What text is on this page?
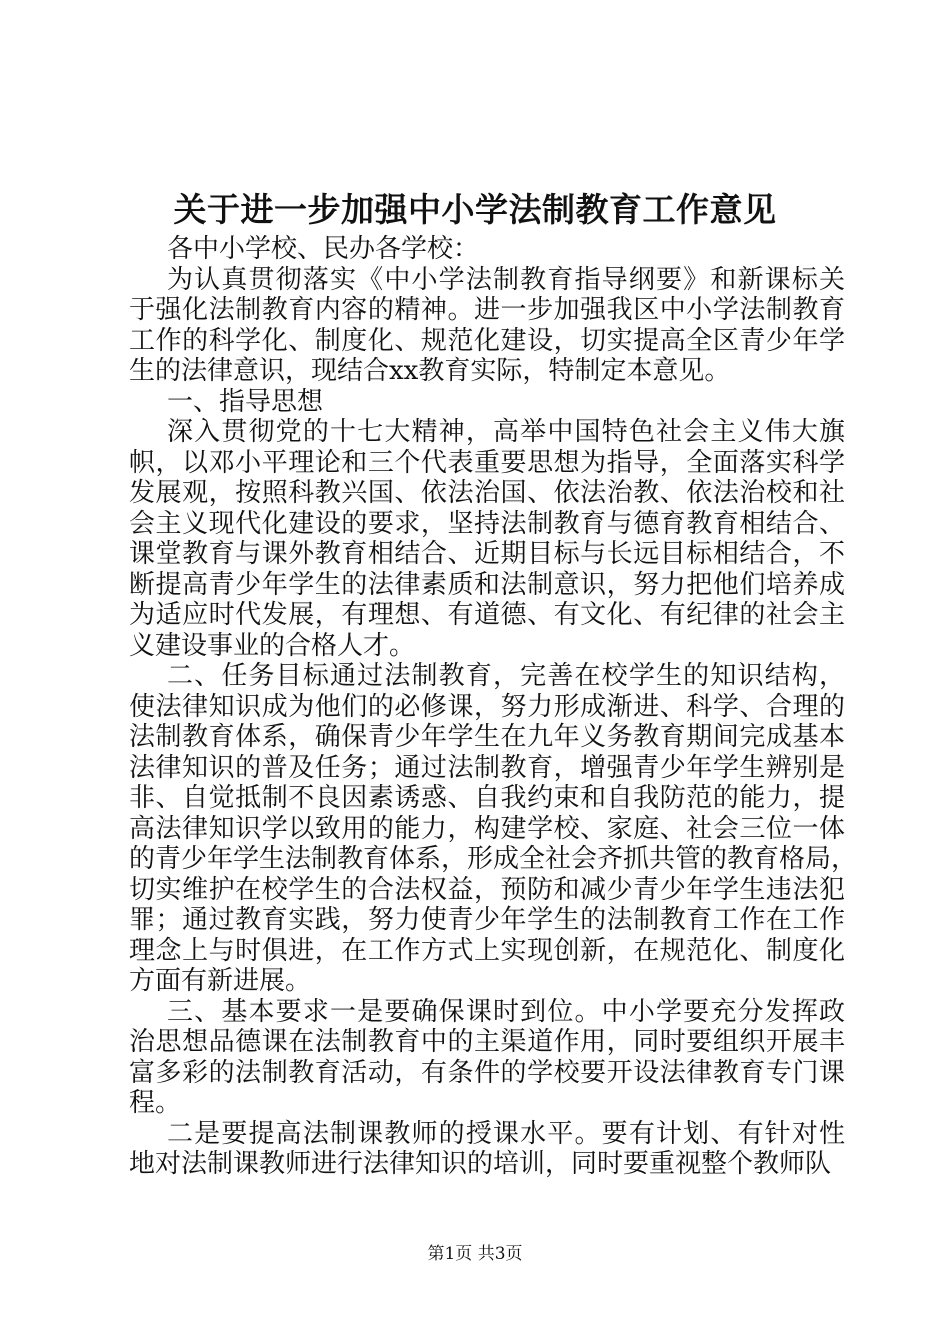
关于进一步加强中小学法制教育工作意见
各中小学校、民办各学校：
为认真贯彻落实《中小学法制教育指导纲要》和新课标关
于强化法制教育内容的精神。进一步加强我区中小学法制教育
工作的科学化、制度化、规范化建设，切实提高全区青少年学
生的法律意识，现结合xx教育实际，特制定本意见。
一、指导思想
深入贯彻党的十七大精神，高举中国特色社会主义伟大旗
帜，以邓小平理论和三个代表重要思想为指导，全面落实科学
发展观，按照科教兴国、依法治国、依法治教、依法治校和社
会主义现代化建设的要求，坚持法制教育与德育教育相结合、
课堂教育与课外教育相结合、近期目标与长远目标相结合，不
断提高青少年学生的法律素质和法制意识，努力把他们培养成
为适应时代发展，有理想、有道德、有文化、有纪律的社会主
义建设事业的合格人才。
二、任务目标通过法制教育，完善在校学生的知识结构，
使法律知识成为他们的必修课，努力形成渐进、科学、合理的
法制教育体系，确保青少年学生在九年义务教育期间完成基本
法律知识的普及任务；通过法制教育，增强青少年学生辨别是
非、自觉抵制不良因素诱惑、自我约束和自我防范的能力，提
高法律知识学以致用的能力，构建学校、家庭、社会三位一体
的青少年学生法制教育体系，形成全社会齐抓共管的教育格局，
切实维护在校学生的合法权益，预防和减少青少年学生违法犯
罪；通过教育实践，努力使青少年学生的法制教育工作在工作
理念上与时俱进，在工作方式上实现创新，在规范化、制度化
方面有新进展。
三、基本要求一是要确保课时到位。中小学要充分发挥政
治思想品德课在法制教育中的主渠道作用，同时要组织开展丰
富多彩的法制教育活动，有条件的学校要开设法律教育专门课
程。
二是要提高法制课教师的授课水平。要有计划、有针对性
地对法制课教师进行法律知识的培训，同时要重视整个教师队
第1页 共3页
